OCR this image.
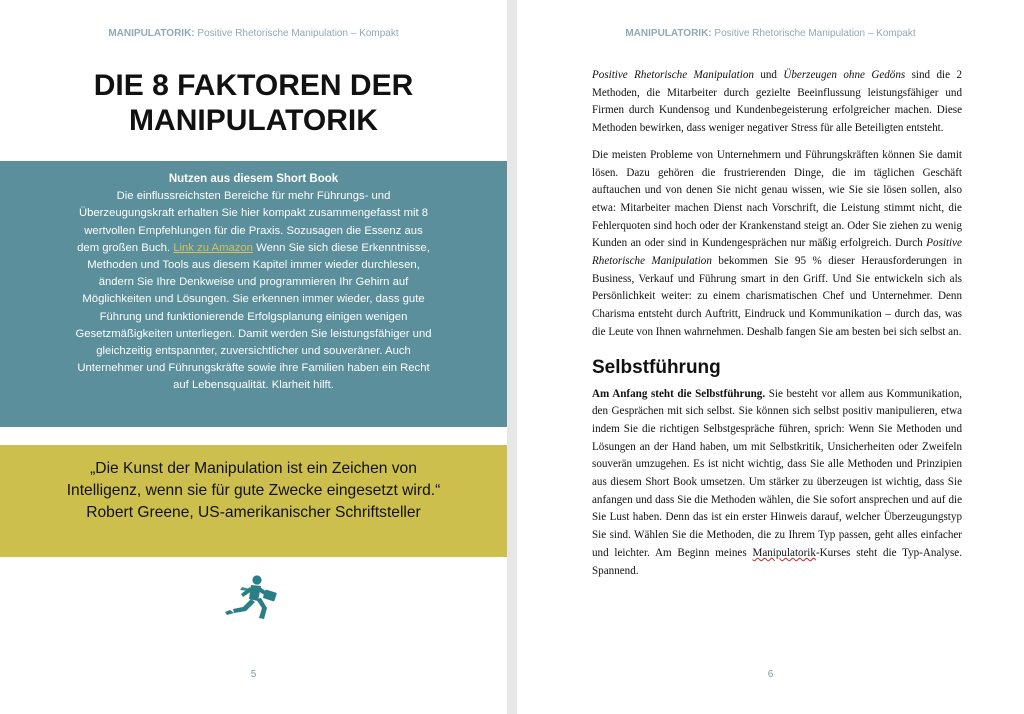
MANIPULATORIK: Positive Rhetorische Manipulation – Kompakt
DIE 8 FAKTOREN DER
MANIPULATORIK
Nutzen aus diesem Short Book
Die einflussreichsten Bereiche für mehr Führungs- und Überzeugungskraft erhalten Sie hier kompakt zusammengefasst mit 8 wertvollen Empfehlungen für die Praxis. Sozusagen die Essenz aus dem großen Buch. Link zu Amazon Wenn Sie sich diese Erkenntnisse, Methoden und Tools aus diesem Kapitel immer wieder durchlesen, ändern Sie Ihre Denkweise und programmieren Ihr Gehirn auf Möglichkeiten und Lösungen. Sie erkennen immer wieder, dass gute Führung und funktionierende Erfolgsplanung einigen wenigen Gesetzmäßigkeiten unterliegen. Damit werden Sie leistungsfähiger und gleichzeitig entspannter, zuversichtlicher und souveräner. Auch Unternehmer und Führungskräfte sowie ihre Familien haben ein Recht auf Lebensqualität. Klarheit hilft.
„Die Kunst der Manipulation ist ein Zeichen von Intelligenz, wenn sie für gute Zwecke eingesetzt wird.“ Robert Greene, US-amerikanischer Schriftsteller
5
MANIPULATORIK: Positive Rhetorische Manipulation – Kompakt

Positive Rhetorische Manipulation und Überzeugen ohne Gedöns sind die 2 Methoden, die Mitarbeiter durch gezielte Beeinflussung leistungsfähiger und Firmen durch Kundensog und Kundenbegeisterung erfolgreicher machen. Diese Methoden bewirken, dass weniger negativer Stress für alle Beteiligten entsteht.

Die meisten Probleme von Unternehmern und Führungskräften können Sie damit lösen. Dazu gehören die frustrierenden Dinge, die im täglichen Geschäft auftauchen und von denen Sie nicht genau wissen, wie Sie sie lösen sollen, also etwa: Mitarbeiter machen Dienst nach Vorschrift, die Leistung stimmt nicht, die Fehlerquoten sind hoch oder der Krankenstand steigt an. Oder Sie ziehen zu wenig Kunden an oder sind in Kundengesprächen nur mäßig erfolgreich. Durch Positive Rhetorische Manipulation bekommen Sie 95 % dieser Herausforderungen in Business, Verkauf und Führung smart in den Griff. Und Sie entwickeln sich als Persönlichkeit weiter: zu einem charismatischen Chef und Unternehmer. Denn Charisma entsteht durch Auftritt, Eindruck und Kommunikation – durch das, was die Leute von Ihnen wahrnehmen. Deshalb fangen Sie am besten bei sich selbst an.

Selbstführung

Am Anfang steht die Selbstführung. Sie besteht vor allem aus Kommunikation, den Gesprächen mit sich selbst. Sie können sich selbst positiv manipulieren, etwa indem Sie die richtigen Selbstgespräche führen, sprich: Wenn Sie Methoden und Lösungen an der Hand haben, um mit Selbstkritik, Unsicherheiten oder Zweifeln souverän umzugehen. Es ist nicht wichtig, dass Sie alle Methoden und Prinzipien aus diesem Short Book umsetzen. Um stärker zu überzeugen ist wichtig, dass Sie anfangen und dass Sie die Methoden wählen, die Sie sofort ansprechen und auf die Sie Lust haben. Denn das ist ein erster Hinweis darauf, welcher Überzeugungstyp Sie sind. Wählen Sie die Methoden, die zu Ihrem Typ passen, geht alles einfacher und leichter. Am Beginn meines Manipulatorik-Kurses steht die Typ-Analyse. Spannend.

6
